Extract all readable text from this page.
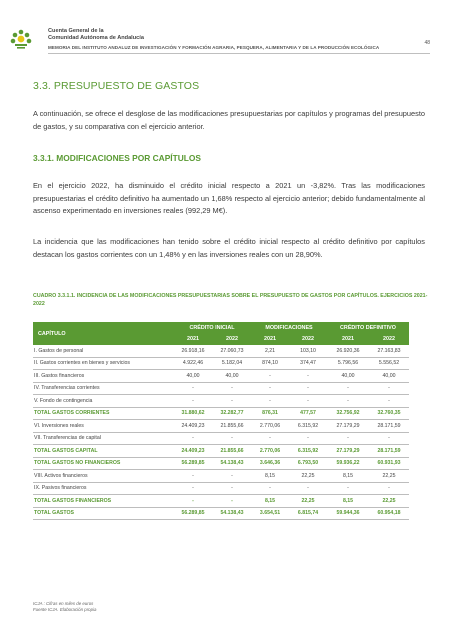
Cuenta General de la
Comunidad Autónoma de Andalucía
MEMORIA DEL INSTITUTO ANDALUZ DE INVESTIGACIÓN Y FORMACIÓN AGRARIA, PESQUERA, ALIMENTARIA Y DE LA PRODUCCIÓN ECOLÓGICA
48
3.3. PRESUPUESTO DE GASTOS

A continuación, se ofrece el desglose de las modificaciones presupuestarias por capítulos y programas del presupuesto de gastos, y su comparativa con el ejercicio anterior.

3.3.1. MODIFICACIONES POR CAPÍTULOS

En el ejercicio 2022, ha disminuido el crédito inicial respecto a 2021 un -3,82%. Tras las modificaciones presupuestarias el crédito definitivo ha aumentado un 1,68% respecto al ejercicio anterior; debido fundamentalmente al ascenso experimentado en inversiones reales (992,29 M€).

La incidencia que las modificaciones han tenido sobre el crédito inicial respecto al crédito definitivo por capítulos destacan los gastos corrientes con un 1,48% y en las inversiones reales con un 28,90%.

CUADRO 3.3.1.1. INCIDENCIA DE LAS MODIFICACIONES PRESUPUESTARIAS SOBRE EL PRESUPUESTO DE GASTOS POR CAPÍTULOS. EJERCICIOS 2021-2022
CAPÍTULO	CRÉDITO INICIAL		MODIFICACIONES		CRÉDITO DEFINITIVO	
	2021	2022	2021	2022	2021	2022
I. Gastos de personal	26.918,16	27.060,73	2,21	103,10	26.920,36	27.163,83
II. Gastos corrientes en bienes y servicios	4.922,46	5.182,04	874,10	374,47	5.796,56	5.556,52
III. Gastos financieros	40,00	40,00	-	-	40,00	40,00
IV. Transferencias corrientes	-	-	-	-	-	-
V. Fondo de contingencia	-	-	-	-	-	-
TOTAL GASTOS CORRIENTES	31.880,62	32.282,77	876,31	477,57	32.756,92	32.760,35
VI. Inversiones reales	24.409,23	21.855,66	2.770,06	6.315,92	27.179,29	28.171,59
VII. Transferencias de capital	-	-	-	-	-	-
TOTAL GASTOS CAPITAL	24.409,23	21.855,66	2.770,06	6.315,92	27.179,29	28.171,59
TOTAL GASTOS NO FINANCIEROS	56.289,85	54.138,43	3.646,36	6.793,50	59.936,22	60.931,93
VIII. Activos financieros	-	-	8,15	22,25	8,15	22,25
IX. Pasivos financieros	-	-	-	-	-	-
TOTAL GASTOS FINANCIEROS	-	-	8,15	22,25	8,15	22,25
TOTAL GASTOS	56.289,85	54.138,43	3.654,51	6.815,74	59.944,36	60.954,18
ICJA : Cifras en miles de euros
Fuente ICJA. Elaboración propia
